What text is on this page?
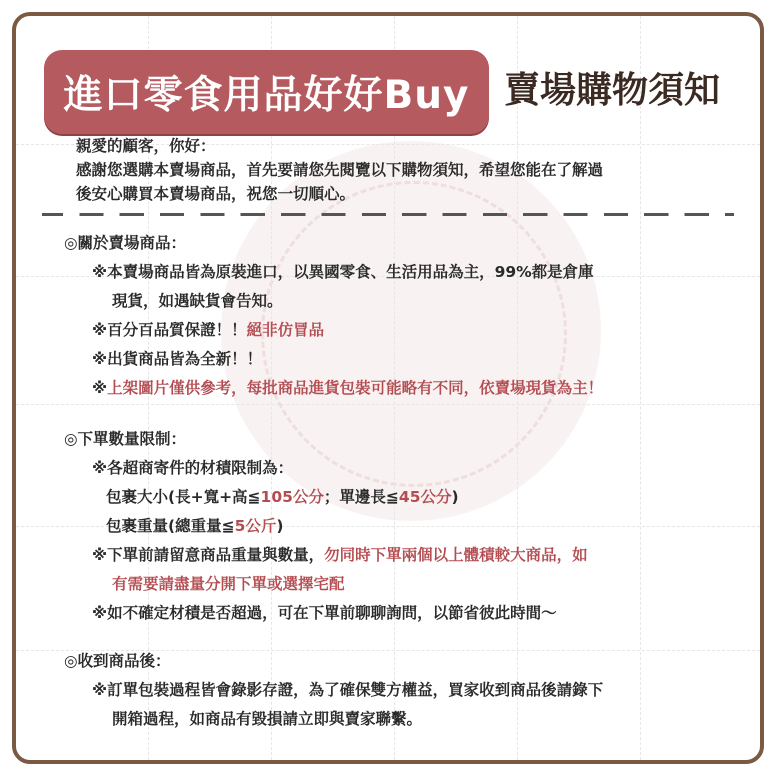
進口零食用品好好Buy 賣場購物須知
親愛的顧客，你好：
感謝您選購本賣場商品，首先要請您先閱覽以下購物須知，希望您能在了解過
後安心購買本賣場商品，祝您一切順心。
◎關於賣場商品：
※本賣場商品皆為原裝進口，以異國零食、生活用品為主，99%都是倉庫
現貨，如遇缺貨會告知。
※百分百品質保證！！絕非仿冒品
※出貨商品皆為全新！！
※上架圖片僅供參考，每批商品進貨包裝可能略有不同，依賣場現貨為主！
◎下單數量限制：
※各超商寄件的材積限制為：
包裹大小(長+寬+高≦105公分；單邊長≦45公分)
包裹重量(總重量≦5公斤)
※下單前請留意商品重量與數量，勿同時下單兩個以上體積較大商品，如
有需要請盡量分開下單或選擇宅配
※如不確定材積是否超過，可在下單前聊聊詢問，以節省彼此時間～
◎收到商品後：
※訂單包裝過程皆會錄影存證，為了確保雙方權益，買家收到商品後請錄下
開箱過程，如商品有毀損請立即與賣家聯繫。
